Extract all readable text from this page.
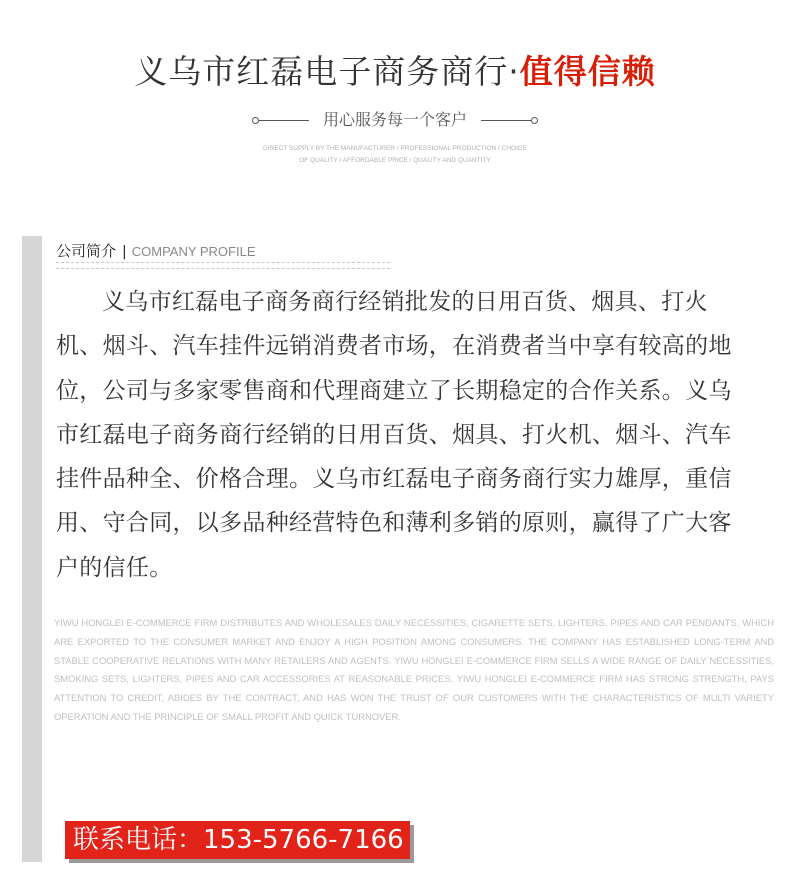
义乌市红磊电子商务商行·值得信赖
用心服务每一个客户
DIRECT SUPPLY BY THE MANUFACTURER / PROFESSIONAL PRODUCTION / CHOICE
OF QUALITY / AFFORDABLE PRICE / QUALITY AND QUANTITY
公司简介 | COMPANY PROFILE

义乌市红磊电子商务商行经销批发的日用百货、烟具、打火机、烟斗、汽车挂件远销消费者市场，在消费者当中享有较高的地位，公司与多家零售商和代理商建立了长期稳定的合作关系。义乌市红磊电子商务商行经销的日用百货、烟具、打火机、烟斗、汽车挂件品种全、价格合理。义乌市红磊电子商务商行实力雄厚，重信用、守合同，以多品种经营特色和薄利多销的原则，赢得了广大客户的信任。

YIWU HONGLEI E-COMMERCE FIRM DISTRIBUTES AND WHOLESALES DAILY NECESSITIES, CIGARETTE SETS, LIGHTERS, PIPES AND CAR PENDANTS, WHICH ARE EXPORTED TO THE CONSUMER MARKET AND ENJOY A HIGH POSITION AMONG CONSUMERS. THE COMPANY HAS ESTABLISHED LONG-TERM AND STABLE COOPERATIVE RELATIONS WITH MANY RETAILERS AND AGENTS. YIWU HONGLEI E-COMMERCE FIRM SELLS A WIDE RANGE OF DAILY NECESSITIES, SMOKING SETS, LIGHTERS, PIPES AND CAR ACCESSORIES AT REASONABLE PRICES. YIWU HONGLEI E-COMMERCE FIRM HAS STRONG STRENGTH, PAYS ATTENTION TO CREDIT, ABIDES BY THE CONTRACT, AND HAS WON THE TRUST OF OUR CUSTOMERS WITH THE CHARACTERISTICS OF MULTI VARIETY OPERATION AND THE PRINCIPLE OF SMALL PROFIT AND QUICK TURNOVER.

联系电话：153-5766-7166
